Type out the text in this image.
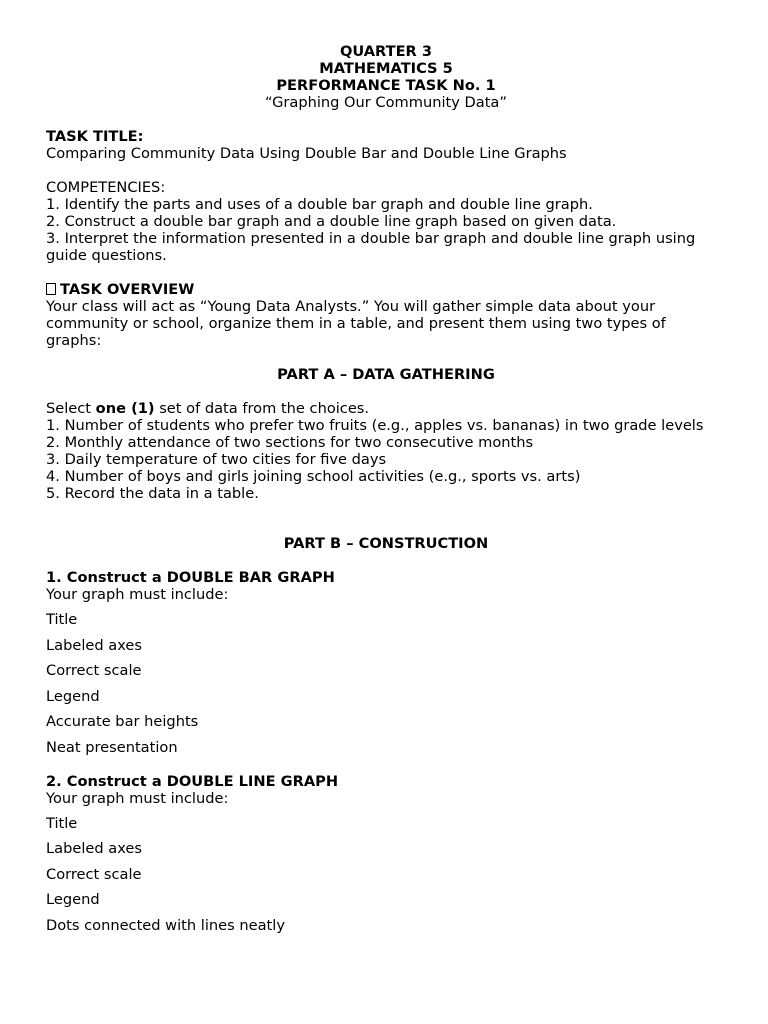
QUARTER 3
MATHEMATICS 5
PERFORMANCE TASK No. 1
“Graphing Our Community Data”
TASK TITLE:
Comparing Community Data Using Double Bar and Double Line Graphs
COMPETENCIES:
1. Identify the parts and uses of a double bar graph and double line graph.
2. Construct a double bar graph and a double line graph based on given data.
3. Interpret the information presented in a double bar graph and double line graph using guide questions.
TASK OVERVIEW
Your class will act as “Young Data Analysts.” You will gather simple data about your community or school, organize them in a table, and present them using two types of graphs:
PART A – DATA GATHERING
Select one (1) set of data from the choices.
1. Number of students who prefer two fruits (e.g., apples vs. bananas) in two grade levels
2. Monthly attendance of two sections for two consecutive months
3. Daily temperature of two cities for five days
4. Number of boys and girls joining school activities (e.g., sports vs. arts)
5. Record the data in a table.
PART B – CONSTRUCTION
1. Construct a DOUBLE BAR GRAPH
Your graph must include:
Title
Labeled axes
Correct scale
Legend
Accurate bar heights
Neat presentation
2. Construct a DOUBLE LINE GRAPH
Your graph must include:
Title
Labeled axes
Correct scale
Legend
Dots connected with lines neatly
